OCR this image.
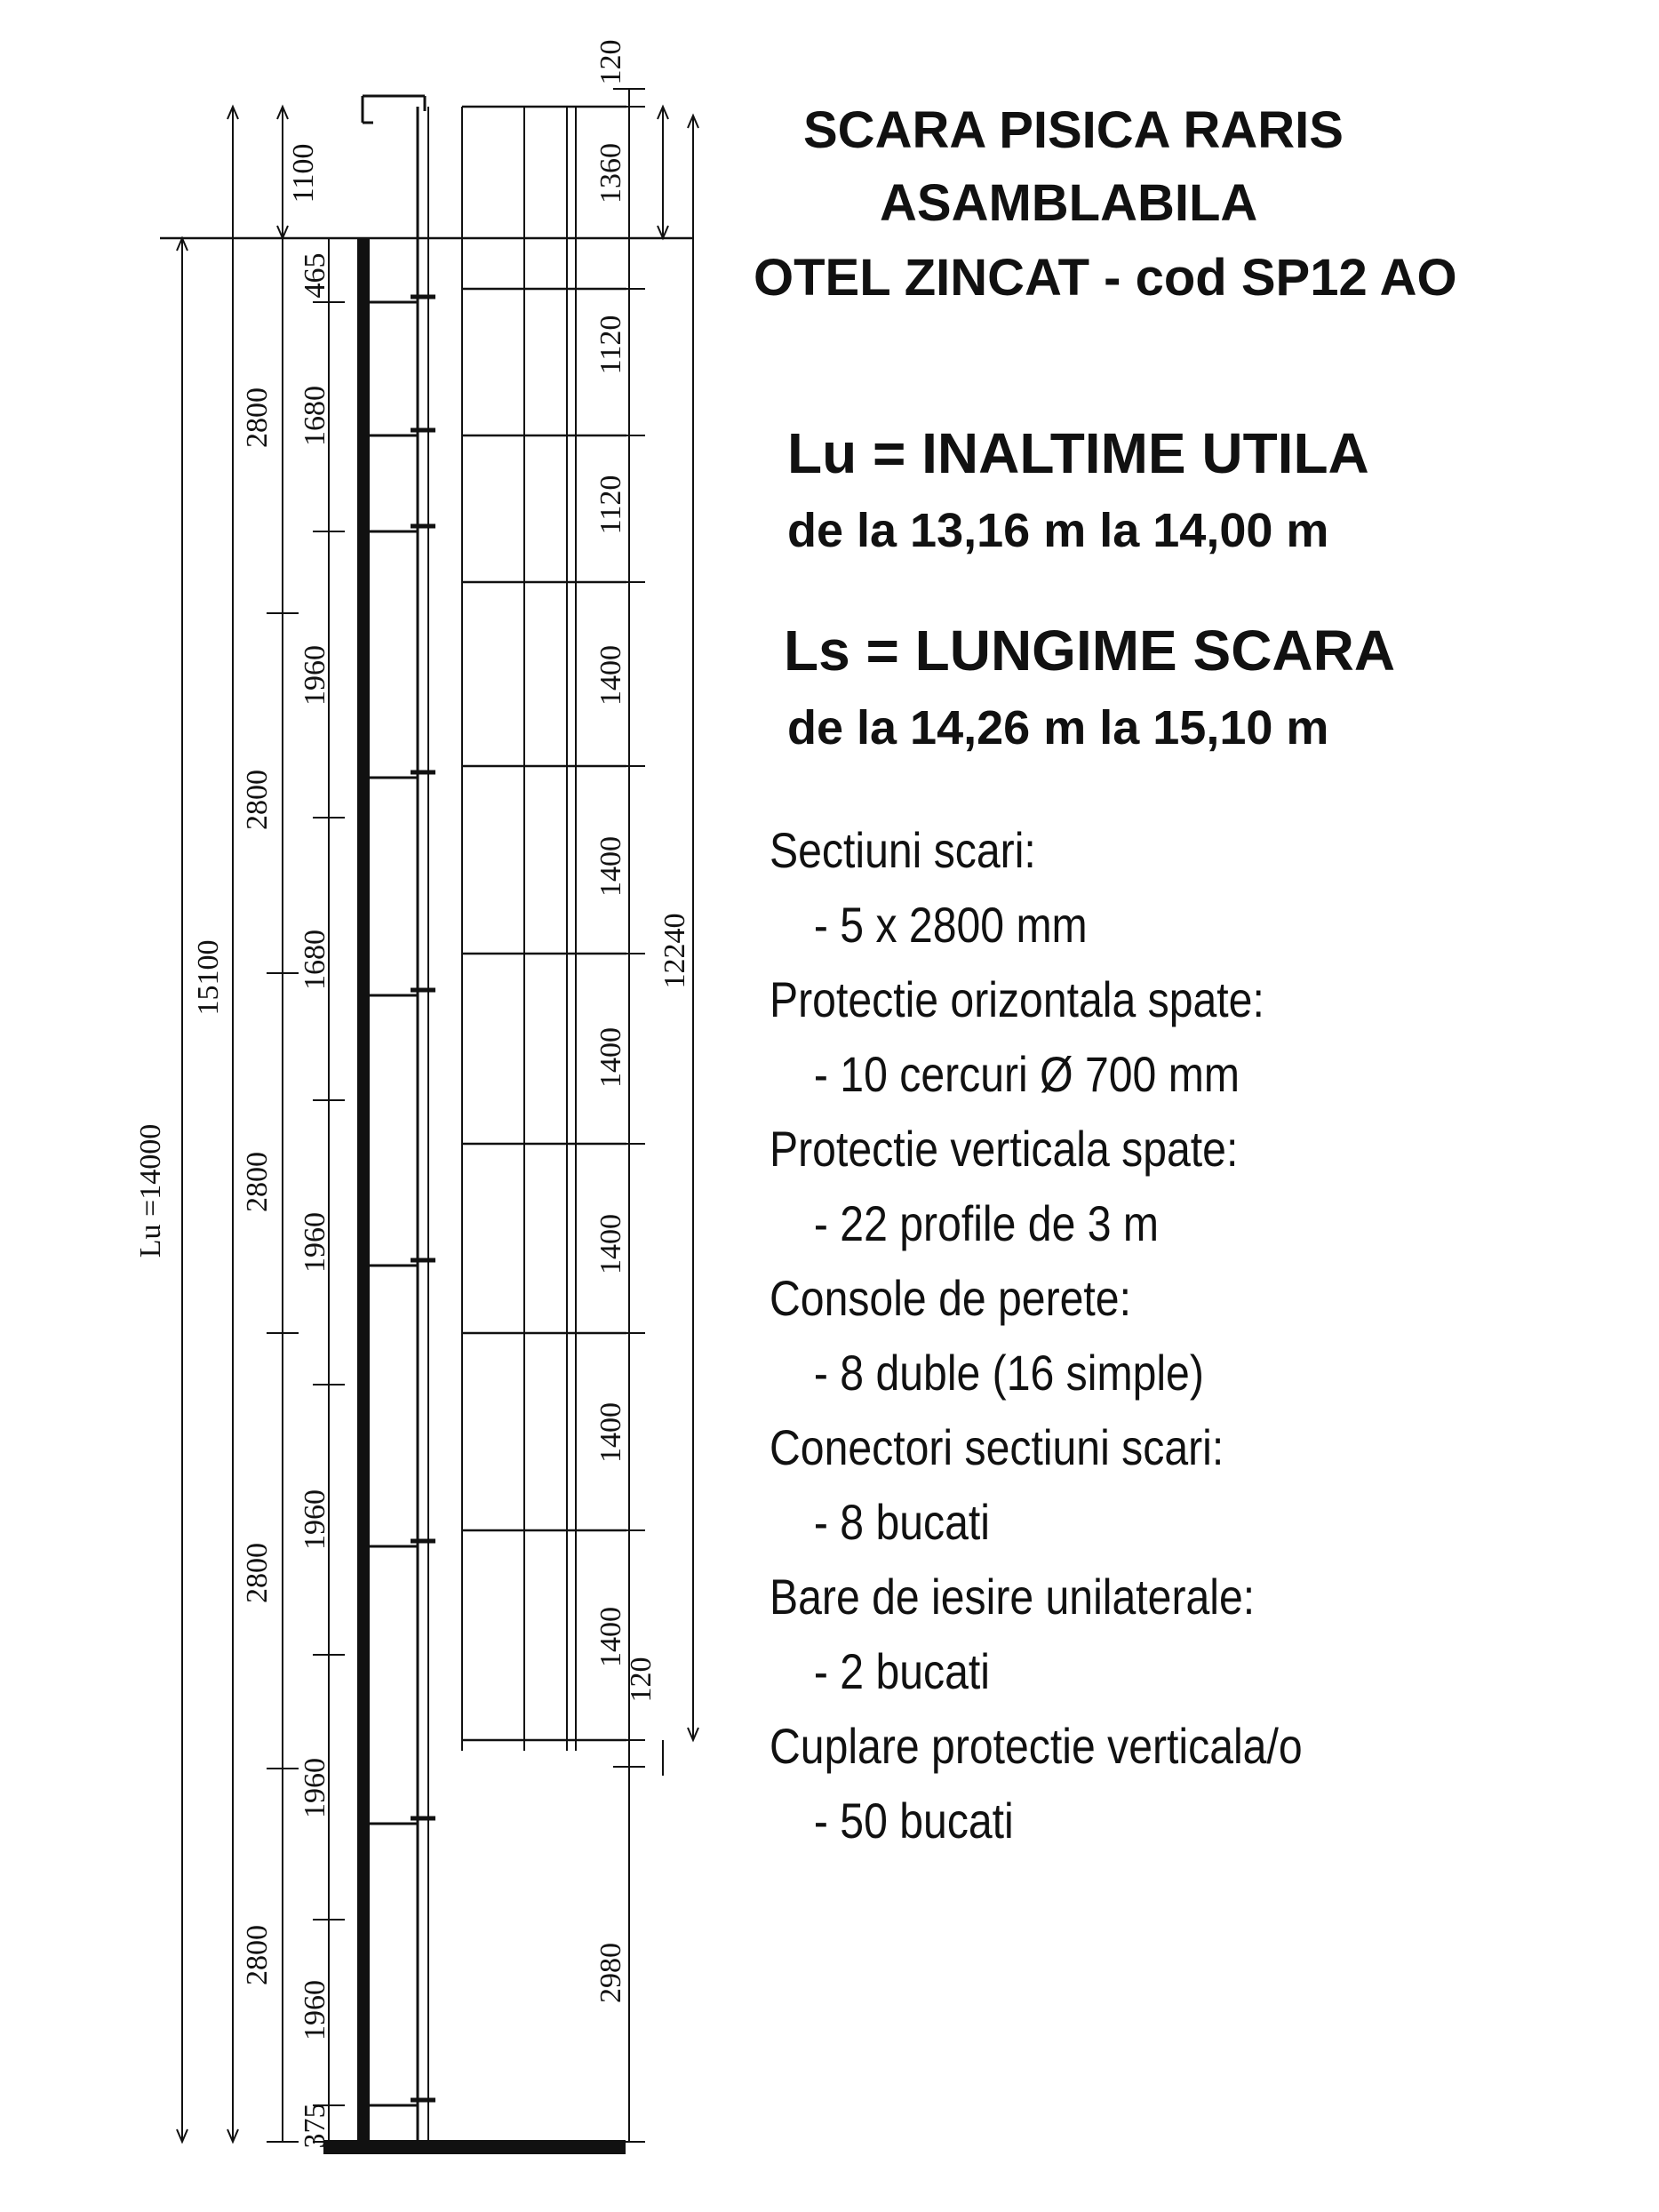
1100
120
1360
Lu =14000
15100	12240
2800
2800
2800
2800
2800
465
1680
1960
1680
1960
1960
1960
1960
375
1120
1120
1400
1400
1400
1400
1400
1400
120
2980
SCARA PISICA RARIS
ASAMBLABILA
OTEL ZINCAT - cod SP12 AO
Lu = INALTIME UTILA
de la 13,16 m la 14,00 m
Ls = LUNGIME SCARA
de la 14,26 m la 15,10 m
Sectiuni scari:
- 5 x 2800 mm
Protectie orizontala spate:
- 10 cercuri Ø 700 mm
Protectie verticala spate:
- 22 profile de 3 m
Console de perete:
- 8 duble (16 simple)
Conectori sectiuni scari:
- 8 bucati
Bare de iesire unilaterale:
- 2 bucati
Cuplare protectie verticala/o
- 50 bucati
